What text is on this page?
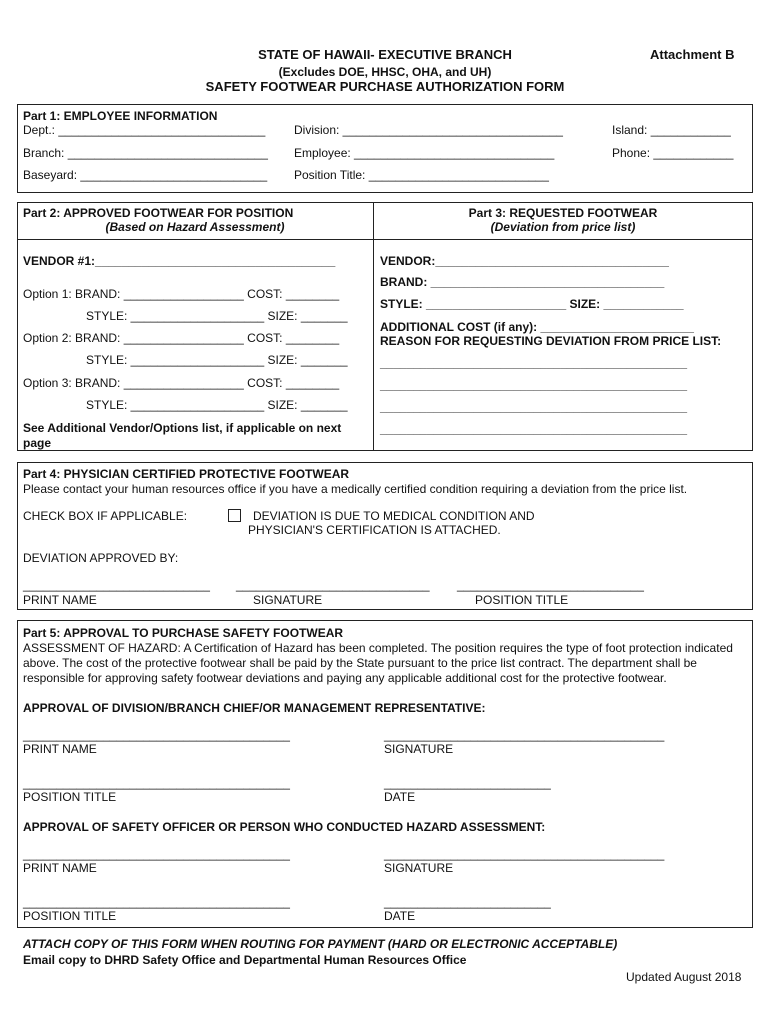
STATE OF HAWAII- EXECUTIVE BRANCH	Attachment B
(Excludes DOE, HHSC, OHA, and UH)
SAFETY FOOTWEAR PURCHASE AUTHORIZATION FORM
Part 1: EMPLOYEE INFORMATION
Dept.: _______________________________ Division: _________________________________	Island: ____________
Branch: ______________________________ Employee: ______________________________	Phone: ____________
Baseyard: ____________________________ Position Title: ___________________________
Part 2: APPROVED FOOTWEAR FOR POSITION
(Based on Hazard Assessment)
Part 3: REQUESTED FOOTWEAR
(Deviation from price list)
VENDOR #1:____________________________________
Option 1: BRAND: __________________ COST: ________
STYLE: ____________________ SIZE: _______
Option 2: BRAND: __________________ COST: ________
STYLE: ____________________ SIZE: _______
Option 3: BRAND: __________________ COST: ________
STYLE: ____________________ SIZE: _______
See Additional Vendor/Options list, if applicable on next
page
VENDOR:___________________________________
BRAND: ___________________________________
STYLE: _____________________ SIZE: ____________
ADDITIONAL COST (if any): _______________________
REASON FOR REQUESTING DEVIATION FROM PRICE LIST:
______________________________________________
______________________________________________
______________________________________________
______________________________________________
Part 4: PHYSICIAN CERTIFIED PROTECTIVE FOOTWEAR
Please contact your human resources office if you have a medically certified condition requiring a deviation from the price list.
CHECK BOX IF APPLICABLE:	DEVIATION IS DUE TO MEDICAL CONDITION AND
PHYSICIAN'S CERTIFICATION IS ATTACHED.
DEVIATION APPROVED BY:
____________________________ _____________________________ ____________________________
PRINT NAME	SIGNATURE	POSITION TITLE
Part 5: APPROVAL TO PURCHASE SAFETY FOOTWEAR
ASSESSMENT OF HAZARD: A Certification of Hazard has been completed. The position requires the type of foot protection indicated above. The cost of the protective footwear shall be paid by the State pursuant to the price list contract. The department shall be responsible for approving safety footwear deviations and paying any applicable additional cost for the protective footwear.
APPROVAL OF DIVISION/BRANCH CHIEF/OR MANAGEMENT REPRESENTATIVE:
________________________________________	__________________________________________
PRINT NAME	SIGNATURE
________________________________________	_________________________
POSITION TITLE	DATE
APPROVAL OF SAFETY OFFICER OR PERSON WHO CONDUCTED HAZARD ASSESSMENT:
________________________________________	__________________________________________
PRINT NAME	SIGNATURE
________________________________________	_________________________
POSITION TITLE	DATE
ATTACH COPY OF THIS FORM WHEN ROUTING FOR PAYMENT (HARD OR ELECTRONIC ACCEPTABLE)
Email copy to DHRD Safety Office and Departmental Human Resources Office
Updated August 2018
